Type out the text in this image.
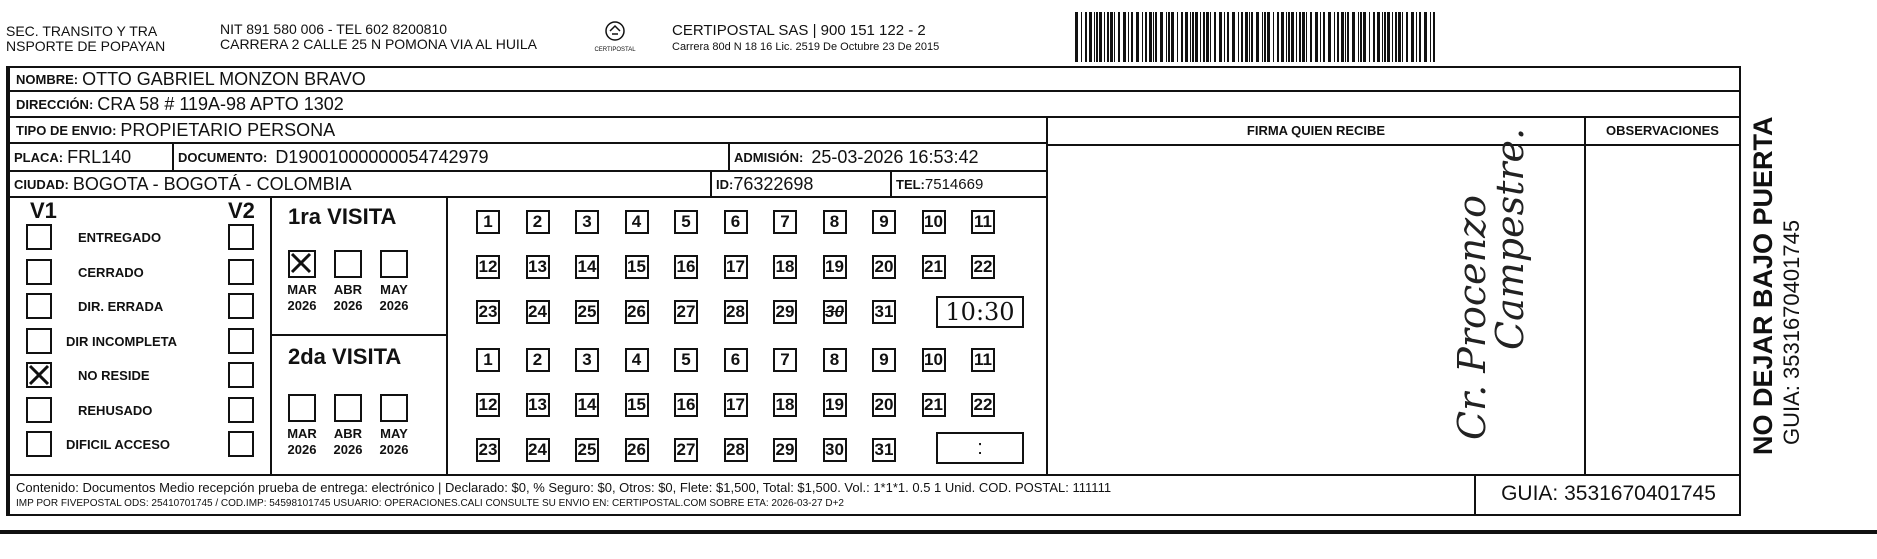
SEC. TRANSITO Y TRA
NSPORTE DE POPAYAN
NIT 891 580 006 - TEL 602 8200810
CARRERA 2 CALLE 25 N POMONA VIA AL HUILA	CERTIPOSTAL
CERTIPOSTAL SAS | 900 151 122 - 2
Carrera 80d N 18 16 Lic. 2519 De Octubre 23 De 2015
NOMBRE: OTTO GABRIEL MONZON BRAVO
DIRECCIÓN: CRA 58 # 119A-98 APTO 1302
TIPO DE ENVIO: PROPIETARIO PERSONA
PLACA: FRL140	DOCUMENTO: D19001000000054742979	ADMISIÓN: 25-03-2026 16:53:42
CIUDAD: BOGOTA - BOGOTÁ - COLOMBIA	ID: 76322698	TEL: 7514669
FIRMA QUIEN RECIBE	OBSERVACIONES
Cr. Procenzo
Campestre.
V1	V2 1ra VISITA
2da VISITA
:
10:30
Contenido: Documentos Medio recepción prueba de entrega: electrónico | Declarado: $0, % Seguro: $0, Otros: $0, Flete: $1,500, Total: $1,500. Vol.: 1*1*1. 0.5 1 Unid. COD. POSTAL: 111111
IMP POR FIVEPOSTAL ODS: 25410701745 / COD.IMP: 54598101745 USUARIO: OPERACIONES.CALI CONSULTE SU ENVIO EN: CERTIPOSTAL.COM SOBRE ETA: 2026-03-27 D+2	GUIA: 3531670401745
NO DEJAR BAJO PUERTA GUIA: 3531670401745
ENTREGADO
CERRADO
DIR. ERRADA
DIR INCOMPLETA
NO RESIDE
REHUSADO
DIFICIL ACCESO
MAR
2026
ABR
2026
MAY
2026
MAR
2026
ABR
2026
MAY
2026
1	2	3	4	5	6	7	8	9	10 11
12 13 14 15 16 17 18 19 20 21 22
23 24 25 26 27 28 29 30 31
1	2	3	4	5	6	7	8	9	10 11
12 13 14 15 16 17 18 19 20 21 22
23 24 25 26 27 28 29 30 31
